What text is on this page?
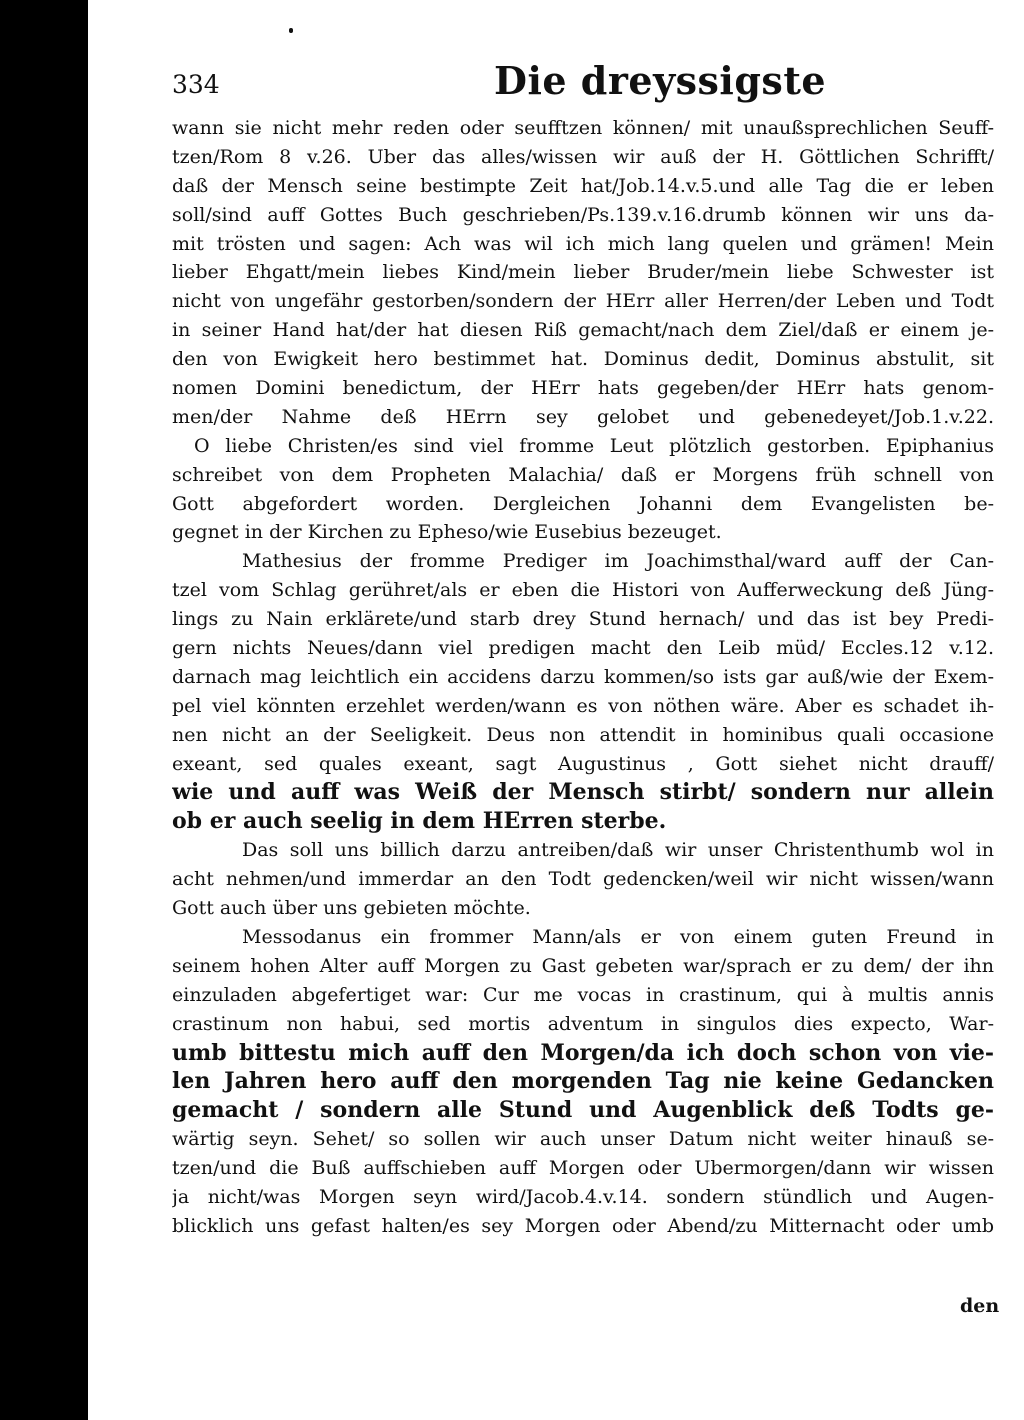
334	Die dreyssigste
wann sie nicht mehr reden oder seufftzen können/ mit unaußsprechlichen Seuff-
tzen/Rom 8 v.26. Uber das alles/wissen wir auß der H. Göttlichen Schrifft/
daß der Mensch seine bestimpte Zeit hat/Job.14.v.5.und alle Tag die er leben
soll/sind auff Gottes Buch geschrieben/Ps.139.v.16.drumb können wir uns da-
mit trösten und sagen: Ach was wil ich mich lang quelen und grämen! Mein
lieber Ehgatt/mein liebes Kind/mein lieber Bruder/mein liebe Schwester ist
nicht von ungefähr gestorben/sondern der HErr aller Herren/der Leben und Todt
in seiner Hand hat/der hat diesen Riß gemacht/nach dem Ziel/daß er einem je-
den von Ewigkeit hero bestimmet hat. Dominus dedit, Dominus abstulit, sit
nomen Domini benedictum, der HErr hats gegeben/der HErr hats genom-
men/der Nahme deß HErrn sey gelobet und gebenedeyet/Job.1.v.22.
O liebe Christen/es sind viel fromme Leut plötzlich gestorben. Epiphanius
schreibet von dem Propheten Malachia/ daß er Morgens früh schnell von
Gott abgefordert worden. Dergleichen Johanni dem Evangelisten be-
gegnet in der Kirchen zu Epheso/wie Eusebius bezeuget.
Mathesius der fromme Prediger im Joachimsthal/ward auff der Can-
tzel vom Schlag gerühret/als er eben die Histori von Aufferweckung deß Jüng-
lings zu Nain erklärete/und starb drey Stund hernach/ und das ist bey Predi-
gern nichts Neues/dann viel predigen macht den Leib müd/ Eccles.12 v.12.
darnach mag leichtlich ein accidens darzu kommen/so ists gar auß/wie der Exem-
pel viel könnten erzehlet werden/wann es von nöthen wäre. Aber es schadet ih-
nen nicht an der Seeligkeit. Deus non attendit in hominibus quali occasione
exeant, sed quales exeant, sagt Augustinus , Gott siehet nicht drauff/
wie und auff was Weiß der Mensch stirbt/ sondern nur allein
ob er auch seelig in dem HErren sterbe.
Das soll uns billich darzu antreiben/daß wir unser Christenthumb wol in
acht nehmen/und immerdar an den Todt gedencken/weil wir nicht wissen/wann
Gott auch über uns gebieten möchte.
Messodanus ein frommer Mann/als er von einem guten Freund in
seinem hohen Alter auff Morgen zu Gast gebeten war/sprach er zu dem/ der ihn
einzuladen abgefertiget war: Cur me vocas in crastinum, qui à multis annis
crastinum non habui, sed mortis adventum in singulos dies expecto, War-
umb bittestu mich auff den Morgen/da ich doch schon von vie-
len Jahren hero auff den morgenden Tag nie keine Gedancken
gemacht / sondern alle Stund und Augenblick deß Todts ge-
wärtig seyn. Sehet/ so sollen wir auch unser Datum nicht weiter hinauß se-
tzen/und die Buß auffschieben auff Morgen oder Ubermorgen/dann wir wissen
ja nicht/was Morgen seyn wird/Jacob.4.v.14. sondern stündlich und Augen-
blicklich uns gefast halten/es sey Morgen oder Abend/zu Mitternacht oder umb
den
